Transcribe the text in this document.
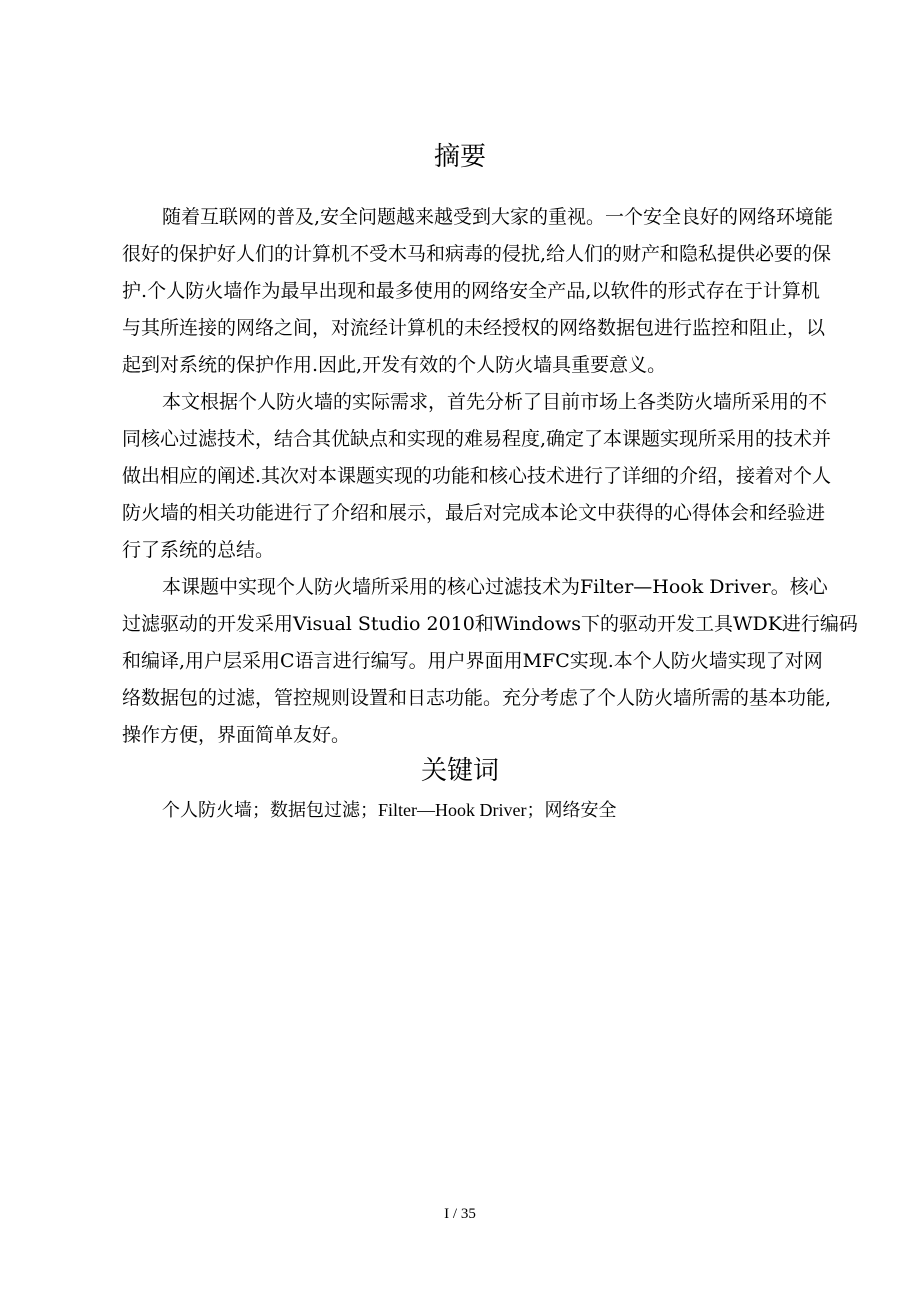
摘要
随着互联网的普及,安全问题越来越受到大家的重视。一个安全良好的网络环境能
很好的保护好人们的计算机不受木马和病毒的侵扰,给人们的财产和隐私提供必要的保
护.个人防火墙作为最早出现和最多使用的网络安全产品,以软件的形式存在于计算机
与其所连接的网络之间，对流经计算机的未经授权的网络数据包进行监控和阻止，以
起到对系统的保护作用.因此,开发有效的个人防火墙具重要意义。
本文根据个人防火墙的实际需求，首先分析了目前市场上各类防火墙所采用的不
同核心过滤技术，结合其优缺点和实现的难易程度,确定了本课题实现所采用的技术并
做出相应的阐述.其次对本课题实现的功能和核心技术进行了详细的介绍，接着对个人
防火墙的相关功能进行了介绍和展示，最后对完成本论文中获得的心得体会和经验进
行了系统的总结。
本课题中实现个人防火墙所采用的核心过滤技术为Filter—Hook Driver。核心
过滤驱动的开发采用Visual Studio 2010和Windows下的驱动开发工具WDK进行编码
和编译,用户层采用C语言进行编写。用户界面用MFC实现.本个人防火墙实现了对网
络数据包的过滤，管控规则设置和日志功能。充分考虑了个人防火墙所需的基本功能,
操作方便，界面简单友好。
关键词
个人防火墙；数据包过滤；Filter—Hook Driver；网络安全
I / 35
